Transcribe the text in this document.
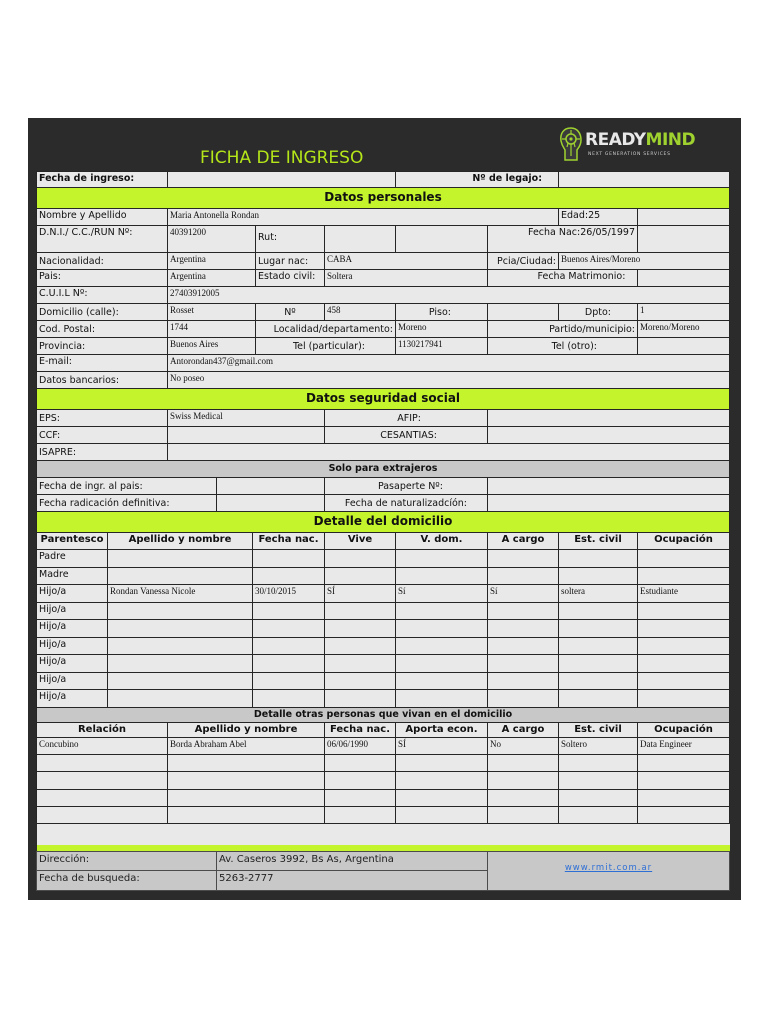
READYMIND
NEXT GENERATION SERVICES
FICHA DE INGRESO
Fecha de ingreso:	Nº de legajo:
Datos personales
Nombre y Apellido	Maria Antonella Rondan	Edad:25
D.N.I./ C.C./RUN Nº:	40391200	Rut:	Fecha Nac:26/05/1997
Nacionalidad:	Argentina	Lugar nac:	CABA	Pcia/Ciudad: Buenos Aires/Moreno
Pais:	Argentina	Estado civil:	Soltera	Fecha Matrimonio:
C.U.I.L Nº:	27403912005
Domicilio (calle):	Rosset	Nº	458	Piso:	Dpto:	1
Cod. Postal:	1744	Localidad/departamento: Moreno	Partido/municipio: Moreno/Moreno
Provincia:	Buenos Aires	Tel (particular):	1130217941	Tel (otro):
E-mail:	Antorondan437@gmail.com
Datos bancarios:	No poseo
Datos seguridad social
EPS:	Swiss Medical	AFIP:
CCF:	CESANTIAS:
ISAPRE:
Solo para extrajeros
Fecha de ingr. al pais:	Pasaperte Nº:
Fecha radicación definitiva:	Fecha de naturalizadcíón:
Detalle del domicilio
Parentesco	Apellido y nombre	Fecha nac.	Vive	V. dom.	A cargo	Est. civil	Ocupación
Padre
Madre
Hijo/a	Rondan Vanessa Nicole	30/10/2015	SÍ	Sí	Sí	soltera	Estudiante
Hijo/a
Hijo/a
Hijo/a
Hijo/a
Hijo/a
Hijo/a
Detalle otras personas que vivan en el domicilio
Relación	Apellido y nombre	Fecha nac.	Aporta econ.	A cargo	Est. civil	Ocupación
Concubino	Borda Abraham Abel	06/06/1990	SÍ	No	Soltero	Data Engineer
Dirección:	Av. Caseros 3992, Bs As, Argentina
Fecha de busqueda:	5263-2777
www.rmit.com.ar
